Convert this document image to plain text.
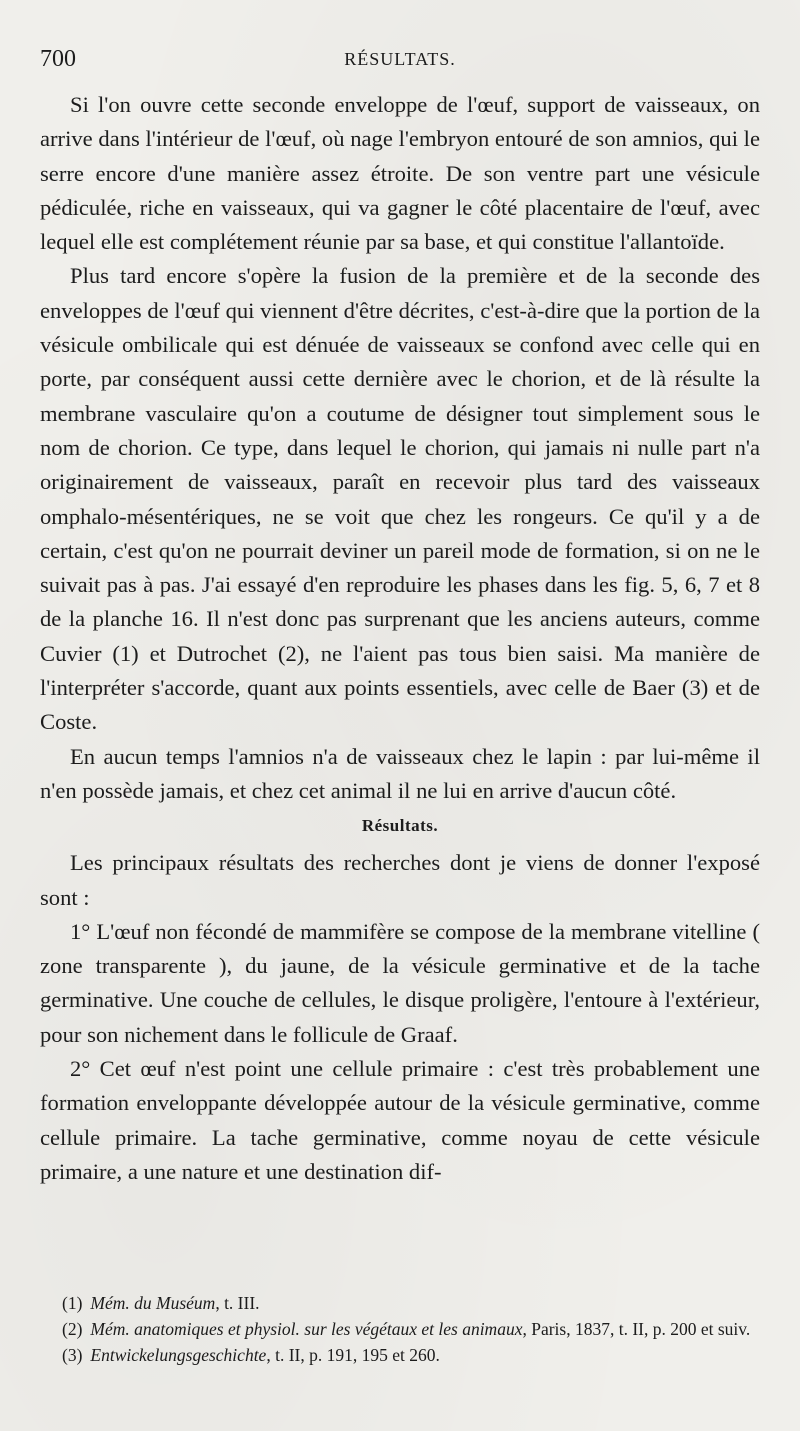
700	RÉSULTATS.

Si l'on ouvre cette seconde enveloppe de l'œuf, support de vaisseaux, on arrive dans l'intérieur de l'œuf, où nage l'embryon entouré de son amnios, qui le serre encore d'une manière assez étroite. De son ventre part une vésicule pédiculée, riche en vaisseaux, qui va gagner le côté placentaire de l'œuf, avec lequel elle est complétement réunie par sa base, et qui constitue l'allantoïde.

Plus tard encore s'opère la fusion de la première et de la seconde des enveloppes de l'œuf qui viennent d'être décrites, c'est-à-dire que la portion de la vésicule ombilicale qui est dénuée de vaisseaux se confond avec celle qui en porte, par conséquent aussi cette dernière avec le chorion, et de là résulte la membrane vasculaire qu'on a coutume de désigner tout simplement sous le nom de chorion. Ce type, dans lequel le chorion, qui jamais ni nulle part n'a originairement de vaisseaux, paraît en recevoir plus tard des vaisseaux omphalo-mésentériques, ne se voit que chez les rongeurs. Ce qu'il y a de certain, c'est qu'on ne pourrait deviner un pareil mode de formation, si on ne le suivait pas à pas. J'ai essayé d'en reproduire les phases dans les fig. 5, 6, 7 et 8 de la planche 16. Il n'est donc pas surprenant que les anciens auteurs, comme Cuvier (1) et Dutrochet (2), ne l'aient pas tous bien saisi. Ma manière de l'interpréter s'accorde, quant aux points essentiels, avec celle de Baer (3) et de Coste.

En aucun temps l'amnios n'a de vaisseaux chez le lapin : par lui-même il n'en possède jamais, et chez cet animal il ne lui en arrive d'aucun côté.

Résultats.

Les principaux résultats des recherches dont je viens de donner l'exposé sont :

1° L'œuf non fécondé de mammifère se compose de la membrane vitelline ( zone transparente ), du jaune, de la vésicule germinative et de la tache germinative. Une couche de cellules, le disque proligère, l'entoure à l'extérieur, pour son nichement dans le follicule de Graaf.

2° Cet œuf n'est point une cellule primaire : c'est très probablement une formation enveloppante développée autour de la vésicule germinative, comme cellule primaire. La tache germinative, comme noyau de cette vésicule primaire, a une nature et une destination dif-

(1) Mém. du Muséum, t. III.

(2) Mém. anatomiques et physiol. sur les végétaux et les animaux, Paris, 1837, t. II, p. 200 et suiv.

(3) Entwickelungsgeschichte, t. II, p. 191, 195 et 260.
